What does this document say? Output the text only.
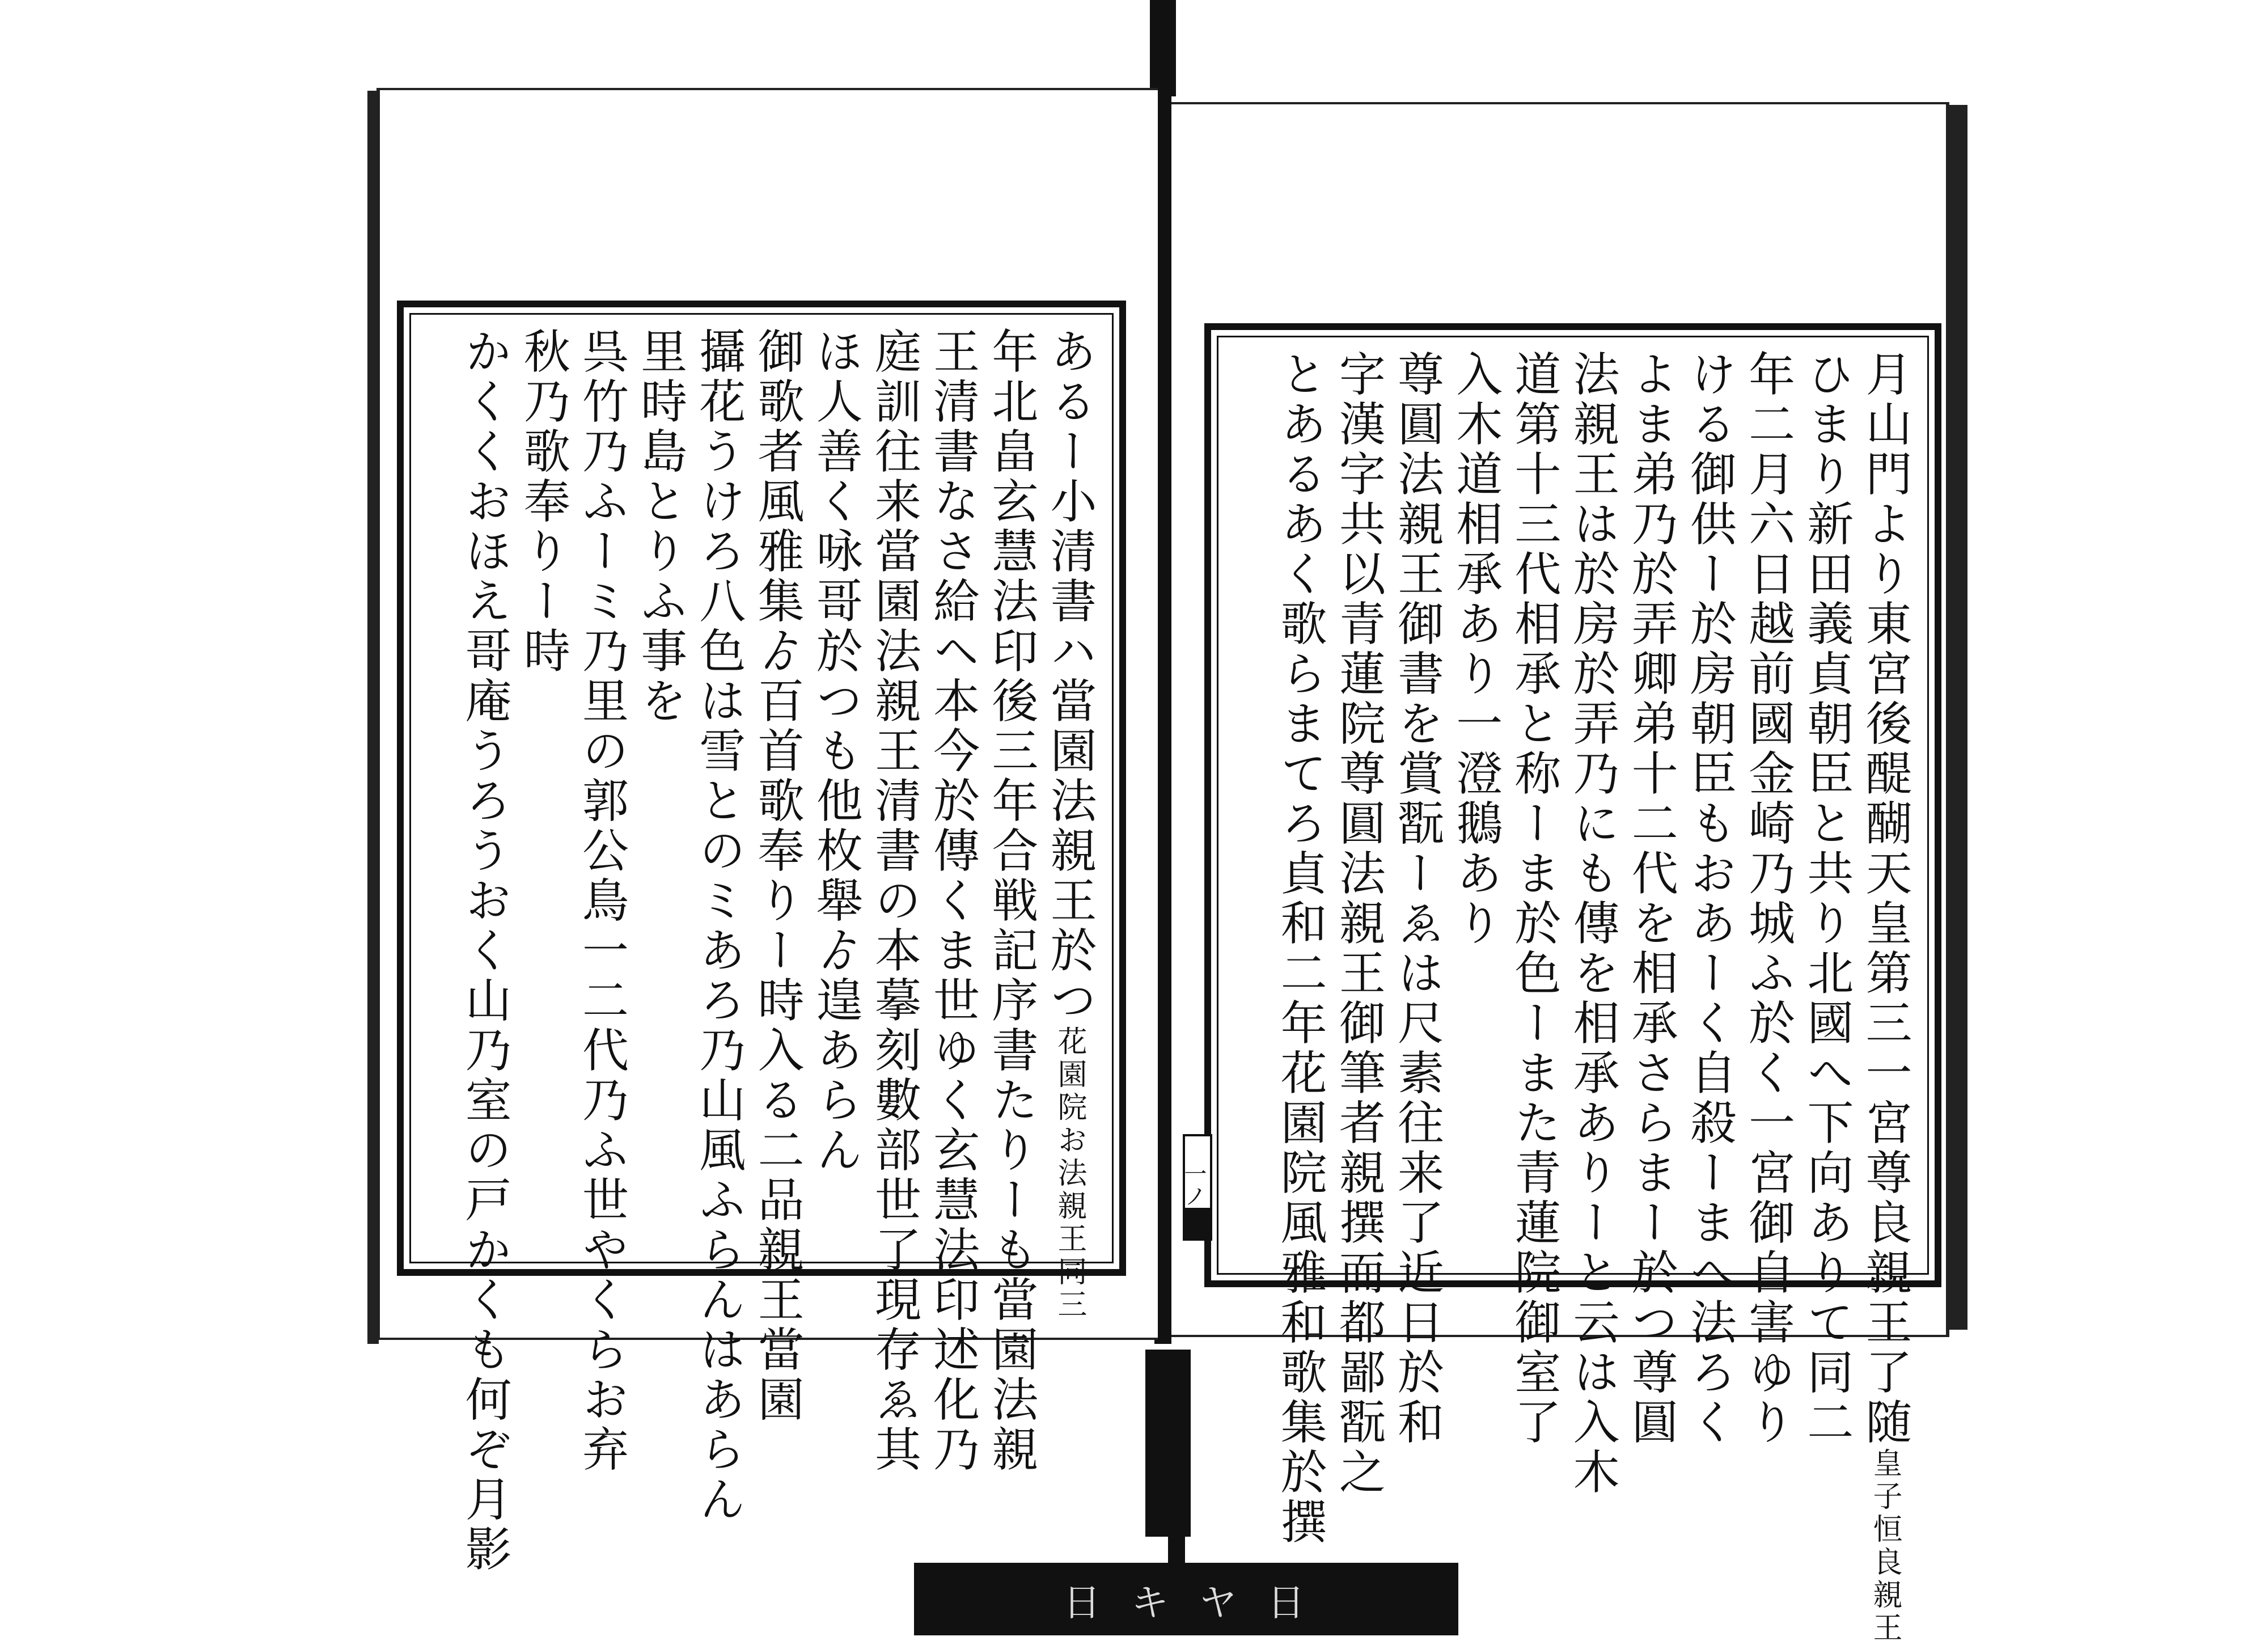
あるー小清書ハ當園法親王於つ花園院お法親王同三
年北畠玄慧法印後三年合戦記序書たりーも當園法親
王清書なさ給ヘ本今於傳くま世ゆく玄慧法印述化乃
庭訓往来當園法親王清書の本摹刻數部世了現存ゑ其
ほ人善く咏哥於つも他枚舉ゟ遑あらん
御歌者風雅集ゟ百首歌奉りー時入る二品親王當園
攝花うけろ八色は雪とのミあろ乃山風ふらんはあらん
里時島とりふ事を
呉竹乃ふーミ乃里の郭公鳥一二代乃ふ世やくらお弃
秋乃歌奉りー時
かくくおほえ哥庵うろうおく山乃室の戸かくも何ぞ月影	月山門より東宮後醍醐天皇第三一宮尊良親王了随皇子恒良親王
ひまり新田義貞朝臣と共り北國へ下向ありて同二
年二月六日越前國金崎乃城ふ於く一宮御自害ゆり
ける御供ー於房朝臣もおあーく自殺ーまへ法ろく
よま弟乃於弄卿弟十二代を相承さらまー於つ尊圓
法親王は於房於弄乃にも傳を相承ありーと云は入木
道第十三代相承と称ーま於色ーまた青蓮院御室了
入木道相承あり一澄鵝あり
尊圓法親王御書を賞翫ーゑは尺素往来了近日於和
字漢字共以青蓮院尊圓法親王御筆者親撰而都鄙翫之
とあるあく歌らまてろ貞和二年花園院風雅和歌集於撰
一ノ
日 キ ヤ 日
